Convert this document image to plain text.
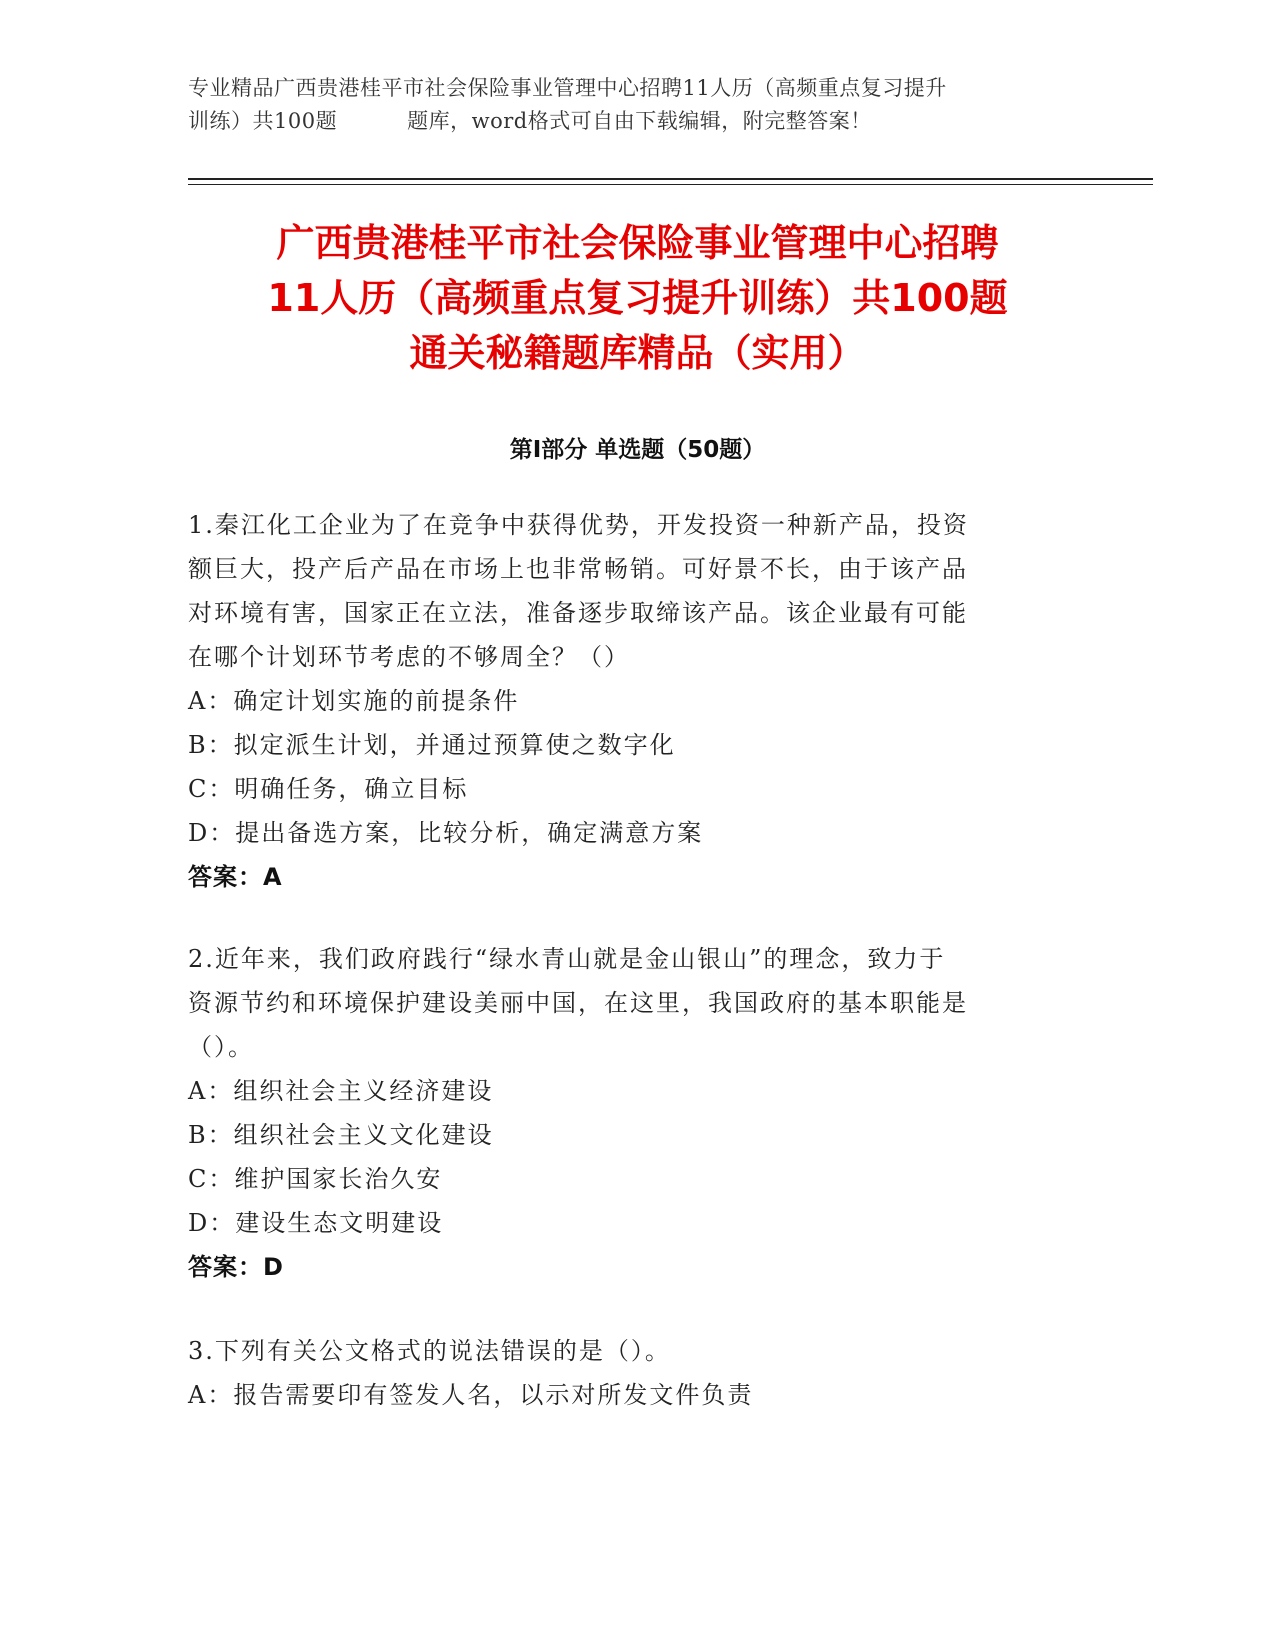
专业精品广西贵港桂平市社会保险事业管理中心招聘11人历（高频重点复习提升
训练）共100题	题库，word格式可自由下载编辑，附完整答案！
广西贵港桂平市社会保险事业管理中心招聘
11人历（高频重点复习提升训练）共100题
通关秘籍题库精品（实用）
第Ⅰ部分 单选题（50题）
1.秦江化工企业为了在竞争中获得优势，开发投资一种新产品，投资
额巨大，投产后产品在市场上也非常畅销。可好景不长，由于该产品
对环境有害，国家正在立法，准备逐步取缔该产品。该企业最有可能
在哪个计划环节考虑的不够周全？（）
A：确定计划实施的前提条件
B：拟定派生计划，并通过预算使之数字化
C：明确任务，确立目标
D：提出备选方案，比较分析，确定满意方案
答案：A
2.近年来，我们政府践行“绿水青山就是金山银山”的理念，致力于
资源节约和环境保护建设美丽中国，在这里，我国政府的基本职能是
（）。
A：组织社会主义经济建设
B：组织社会主义文化建设
C：维护国家长治久安
D：建设生态文明建设
答案：D
3.下列有关公文格式的说法错误的是（）。
A：报告需要印有签发人名，以示对所发文件负责
